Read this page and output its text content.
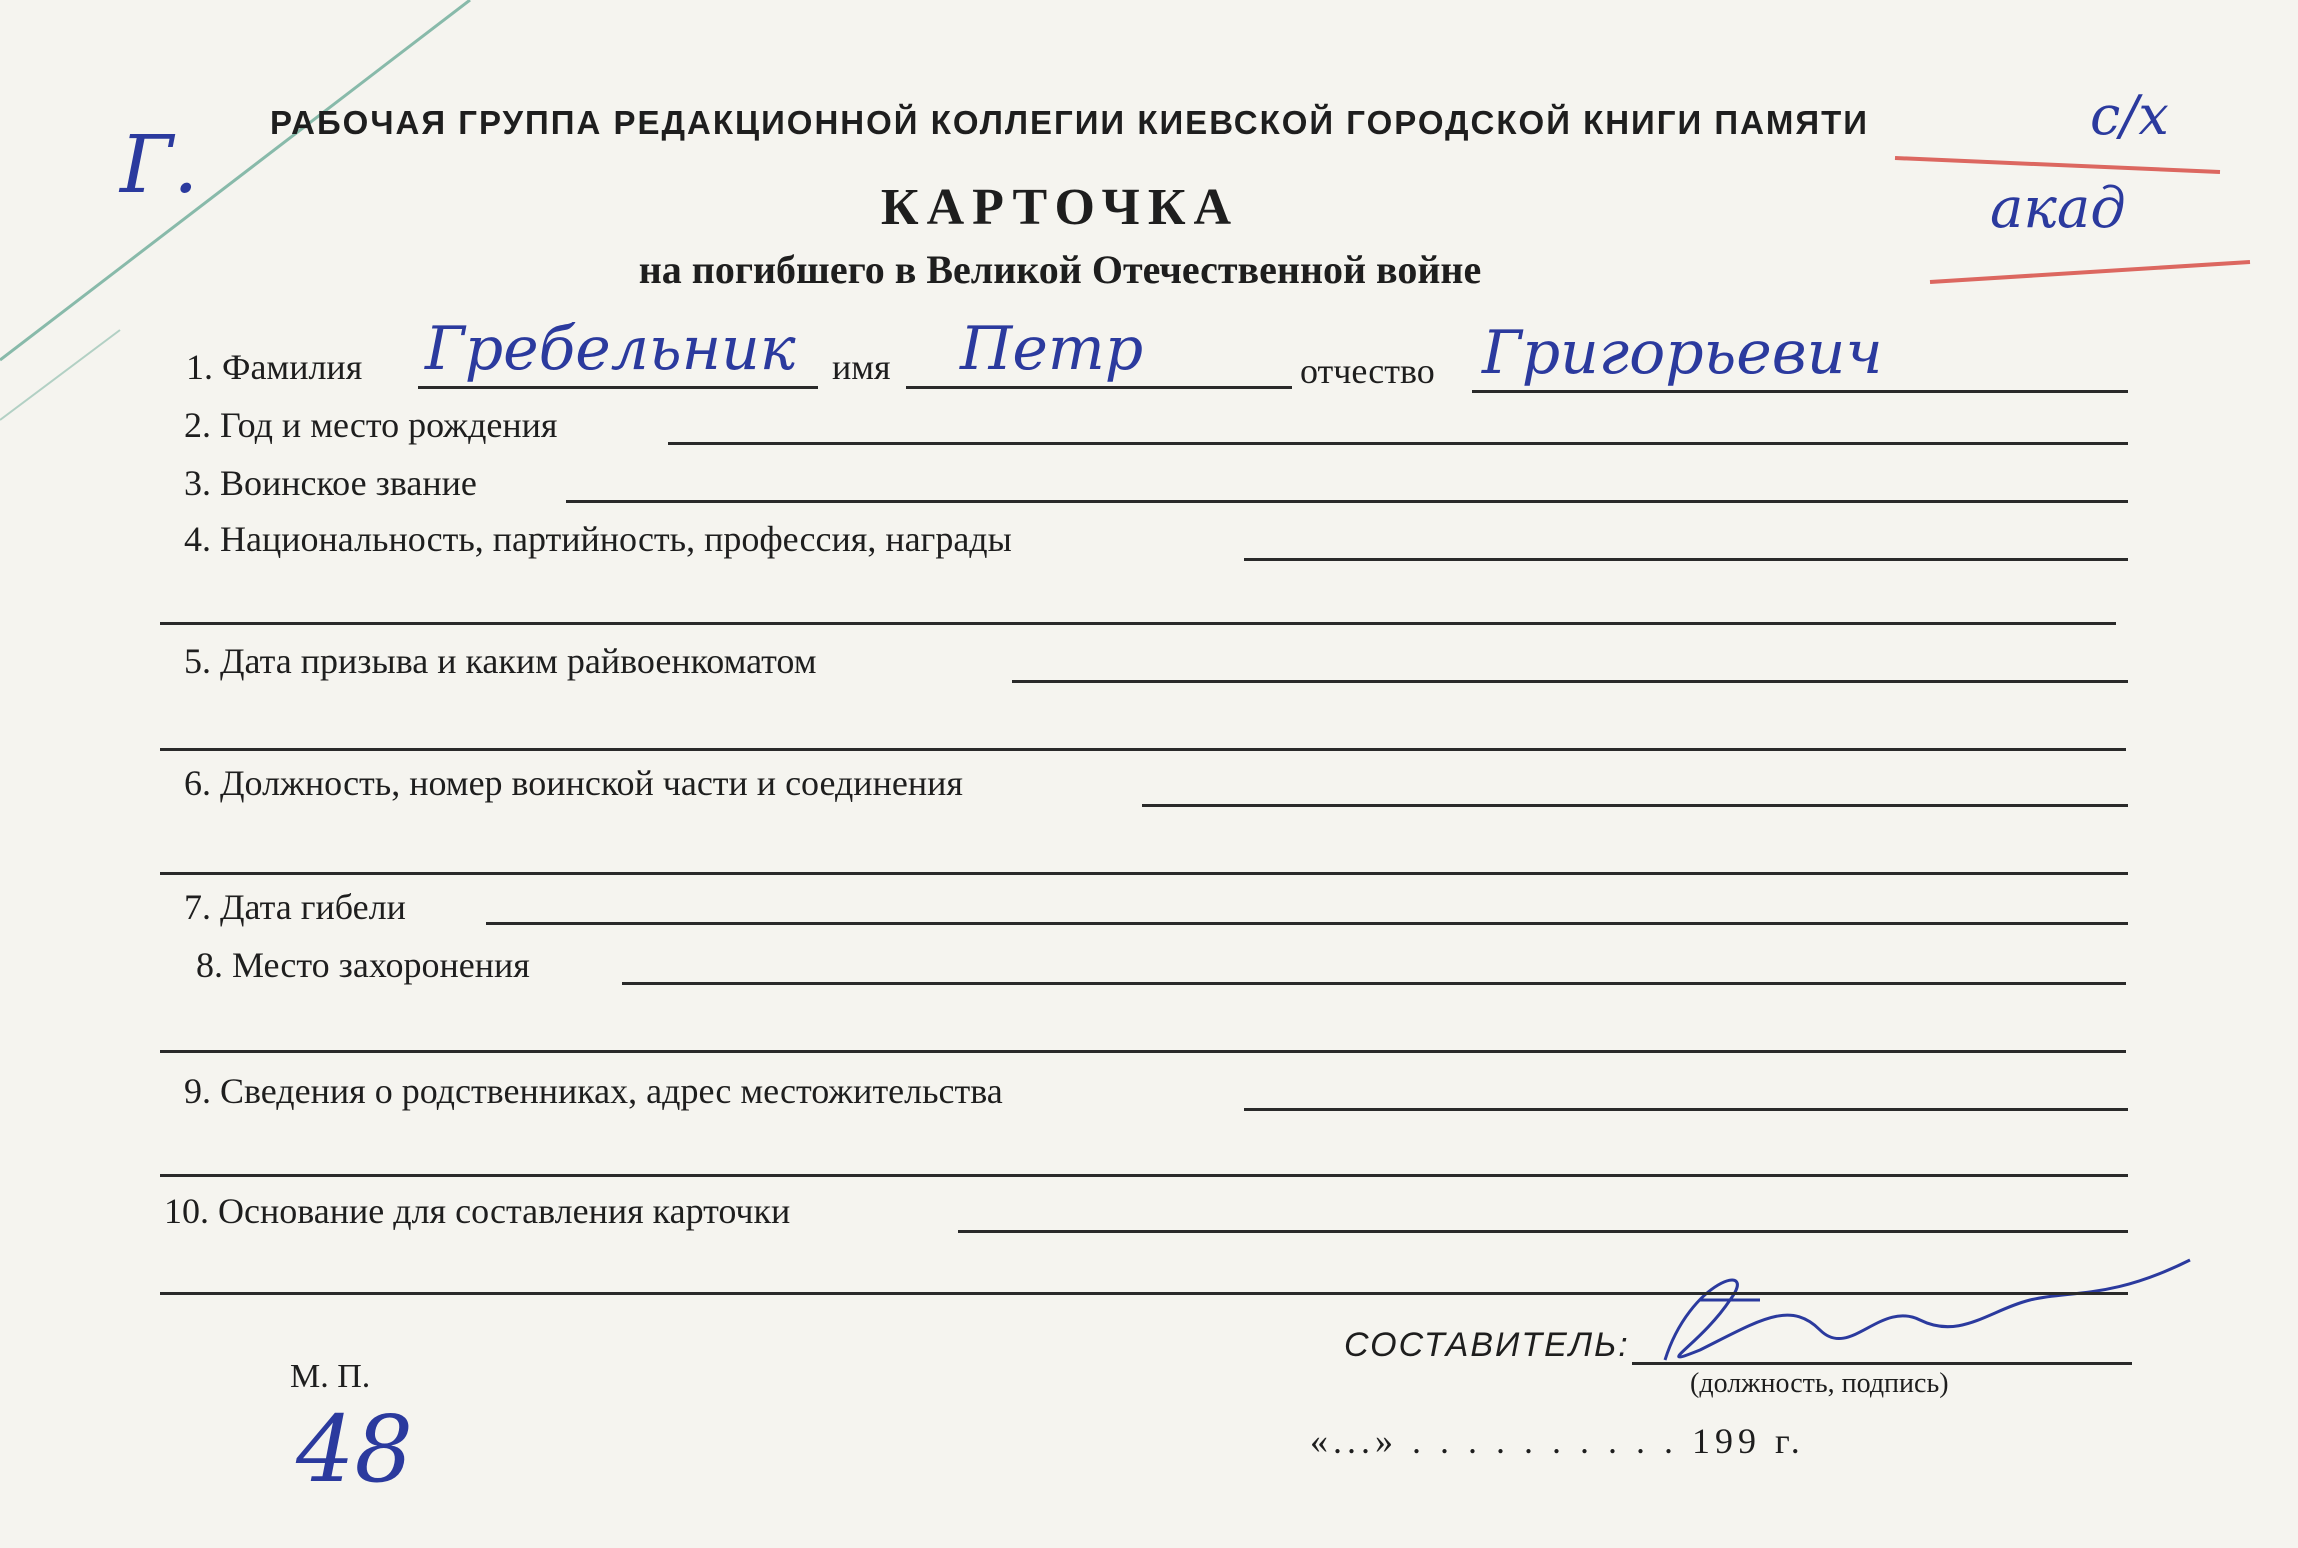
Г.
с/х
акад
РАБОЧАЯ ГРУППА РЕДАКЦИОННОЙ КОЛЛЕГИИ КИЕВСКОЙ ГОРОДСКОЙ КНИГИ ПАМЯТИ
КАРТОЧКА
на погибшего в Великой Отечественной войне
1. Фамилия Гребельник имя Петр	отчество Григорьевич
2. Год и место рождения
3. Воинское звание
4. Национальность, партийность, профессия, награды
5. Дата призыва и каким райвоенкоматом
6. Должность, номер воинской части и соединения
7. Дата гибели
8. Место захоронения
9. Сведения о родственниках, адрес местожительства
10. Основание для составления карточки
М. П.
48
СОСТАВИТЕЛЬ:
(должность, подпись)
«...» . . . . . . . . . . 199 г.
